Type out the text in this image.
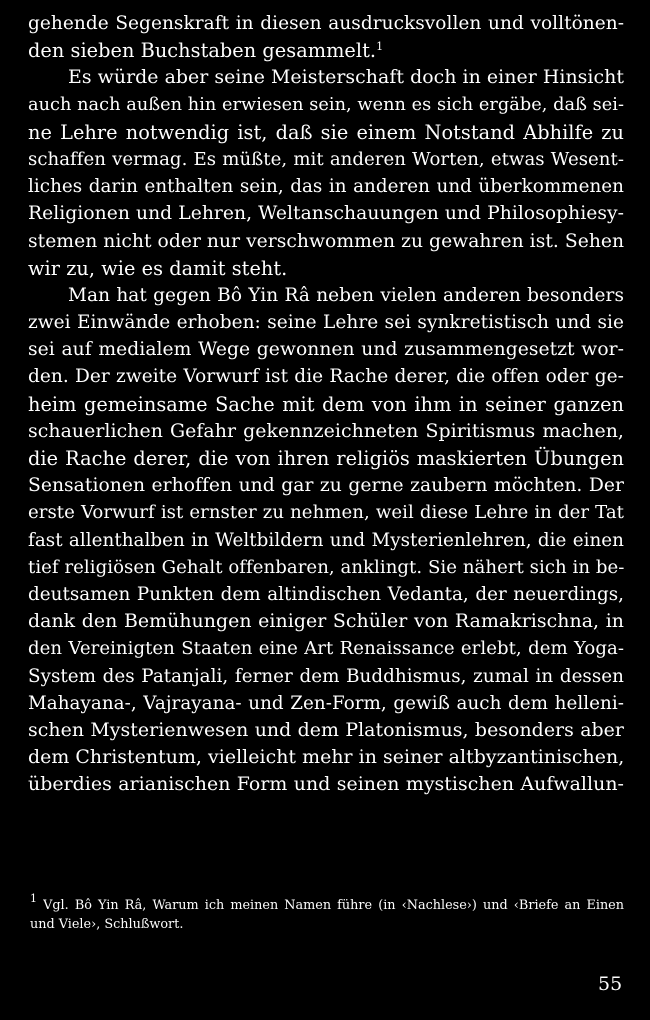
gehende Segenskraft in diesen ausdrucksvollen und volltönen-
den sieben Buchstaben gesammelt.$^1$

Es würde aber seine Meisterschaft doch in einer Hinsicht
auch nach außen hin erwiesen sein, wenn es sich ergäbe, daß sei-
ne Lehre notwendig ist, daß sie einem Notstand Abhilfe zu
schaffen vermag. Es müßte, mit anderen Worten, etwas Wesent-
liches darin enthalten sein, das in anderen und überkommenen
Religionen und Lehren, Weltanschauungen und Philosophiesy-
stemen nicht oder nur verschwommen zu gewahren ist. Sehen
wir zu, wie es damit steht.

Man hat gegen Bô Yin Râ neben vielen anderen besonders
zwei Einwände erhoben: seine Lehre sei synkretistisch und sie
sei auf medialem Wege gewonnen und zusammengesetzt wor-
den. Der zweite Vorwurf ist die Rache derer, die offen oder ge-
heim gemeinsame Sache mit dem von ihm in seiner ganzen
schauerlichen Gefahr gekennzeichneten Spiritismus machen,
die Rache derer, die von ihren religiös maskierten Übungen
Sensationen erhoffen und gar zu gerne zaubern möchten. Der
erste Vorwurf ist ernster zu nehmen, weil diese Lehre in der Tat
fast allenthalben in Weltbildern und Mysterienlehren, die einen
tief religiösen Gehalt offenbaren, anklingt. Sie nähert sich in be-
deutsamen Punkten dem altindischen Vedanta, der neuerdings,
dank den Bemühungen einiger Schüler von Ramakrischna, in
den Vereinigten Staaten eine Art Renaissance erlebt, dem Yoga-
System des Patanjali, ferner dem Buddhismus, zumal in dessen
Mahayana-, Vajrayana- und Zen-Form, gewiß auch dem helleni-
schen Mysterienwesen und dem Platonismus, besonders aber
dem Christentum, vielleicht mehr in seiner altbyzantinischen,
überdies arianischen Form und seinen mystischen Aufwallun-

$^1$ Vgl. Bô Yin Râ, Warum ich meinen Namen führe (in ‹Nachlese›) und ‹Briefe an Einen
und Viele›, Schlußwort.
55
